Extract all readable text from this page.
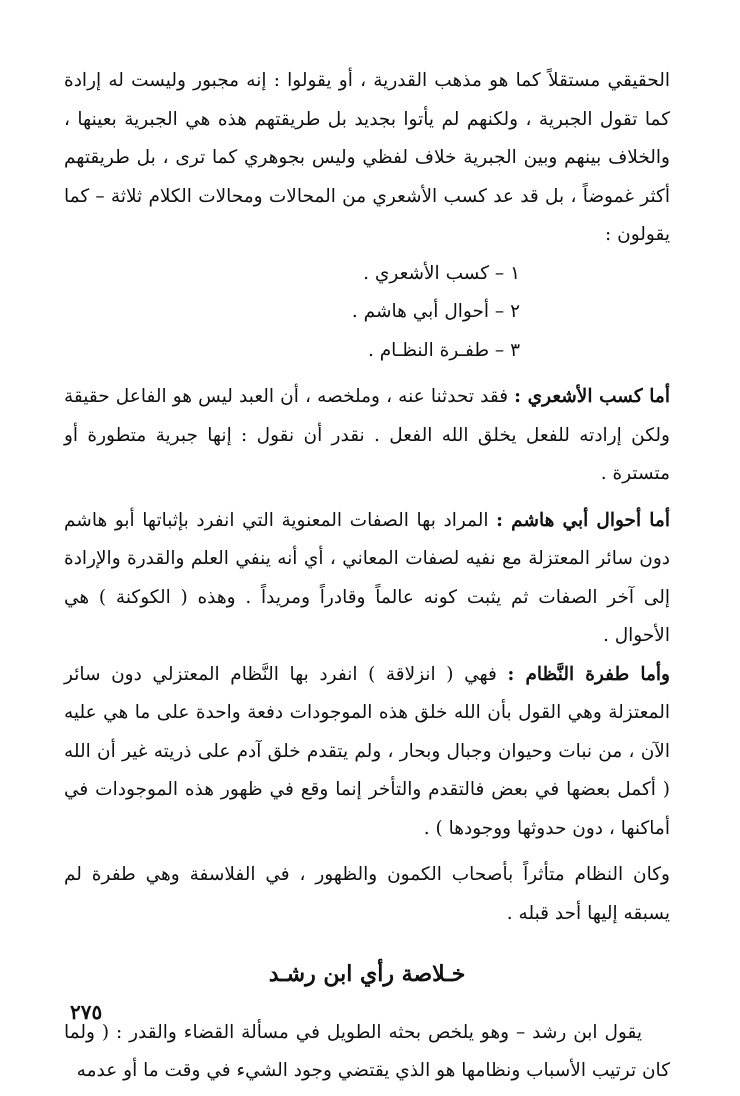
الحقيقي مستقلاً كما هو مذهب القدرية ، أو يقولوا : إنه مجبور وليست له إرادة كما تقول الجبرية ، ولكنهم لم يأتوا بجديد بل طريقتهم هذه هي الجبرية بعينها ، والخلاف بينهم وبين الجبرية خلاف لفظي وليس بجوهري كما ترى ، بل طريقتهم أكثر غموضاً ، بل قد عد كسب الأشعري من المحالات ومحالات الكلام ثلاثة – كما يقولون :

١ – كسب الأشعري .
٢ – أحوال أبي هاشم .
٣ – طفـرة النظـام .

أما كسب الأشعري : فقد تحدثنا عنه ، وملخصه ، أن العبد ليس هو الفاعل حقيقة ولكن إرادته للفعل يخلق الله الفعل . نقدر أن نقول : إنها جبرية متطورة أو متسترة .

أما أحوال أبي هاشم : المراد بها الصفات المعنوية التي انفرد بإثباتها أبو هاشم دون سائر المعتزلة مع نفيه لصفات المعاني ، أي أنه ينفي العلم والقدرة والإرادة إلى آخر الصفات ثم يثبت كونه عالماً وقادراً ومريداً . وهذه ( الكوكنة ) هي الأحوال .

وأما طفرة النَّظام : فهي ( انزلاقة ) انفرد بها النَّظام المعتزلي دون سائر المعتزلة وهي القول بأن الله خلق هذه الموجودات دفعة واحدة على ما هي عليه الآن ، من نبات وحيوان وجبال وبحار ، ولم يتقدم خلق آدم على ذريته غير أن الله ( أكمل بعضها في بعض فالتقدم والتأخر إنما وقع في ظهور هذه الموجودات في أماكنها ، دون حدوثها ووجودها ) .

وكان النظام متأثراً بأصحاب الكمون والظهور ، في الفلاسفة وهي طفرة لم يسبقه إليها أحد قبله .

خـلاصة رأي ابن رشـد

يقول ابن رشد – وهو يلخص بحثه الطويل في مسألة القضاء والقدر : ( ولما كان ترتيب الأسباب ونظامها هو الذي يقتضي وجود الشيء في وقت ما أو عدمه

٢٧٥
